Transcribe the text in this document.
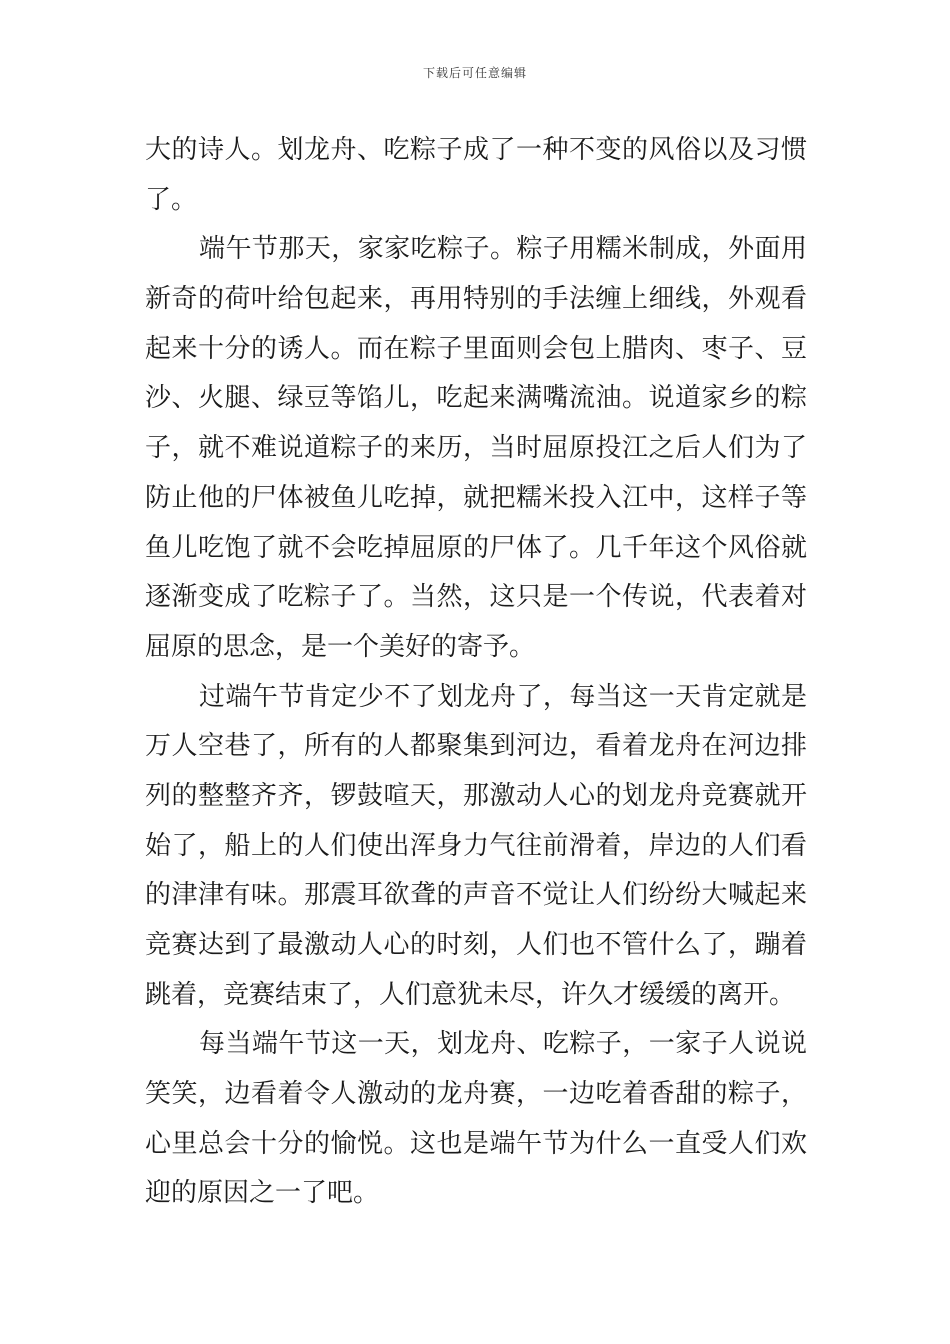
下载后可任意编辑
大的诗人。划龙舟、吃粽子成了一种不变的风俗以及习惯
了。
端午节那天，家家吃粽子。粽子用糯米制成，外面用
新奇的荷叶给包起来，再用特别的手法缠上细线，外观看
起来十分的诱人。而在粽子里面则会包上腊肉、枣子、豆
沙、火腿、绿豆等馅儿，吃起来满嘴流油。说道家乡的粽
子，就不难说道粽子的来历，当时屈原投江之后人们为了
防止他的尸体被鱼儿吃掉，就把糯米投入江中，这样子等
鱼儿吃饱了就不会吃掉屈原的尸体了。几千年这个风俗就
逐渐变成了吃粽子了。当然，这只是一个传说，代表着对
屈原的思念，是一个美好的寄予。
过端午节肯定少不了划龙舟了，每当这一天肯定就是
万人空巷了，所有的人都聚集到河边，看着龙舟在河边排
列的整整齐齐，锣鼓喧天，那激动人心的划龙舟竞赛就开
始了，船上的人们使出浑身力气往前滑着，岸边的人们看
的津津有味。那震耳欲聋的声音不觉让人们纷纷大喊起来
竞赛达到了最激动人心的时刻，人们也不管什么了，蹦着
跳着，竞赛结束了，人们意犹未尽，许久才缓缓的离开。
每当端午节这一天，划龙舟、吃粽子，一家子人说说
笑笑，边看着令人激动的龙舟赛，一边吃着香甜的粽子，
心里总会十分的愉悦。这也是端午节为什么一直受人们欢
迎的原因之一了吧。
